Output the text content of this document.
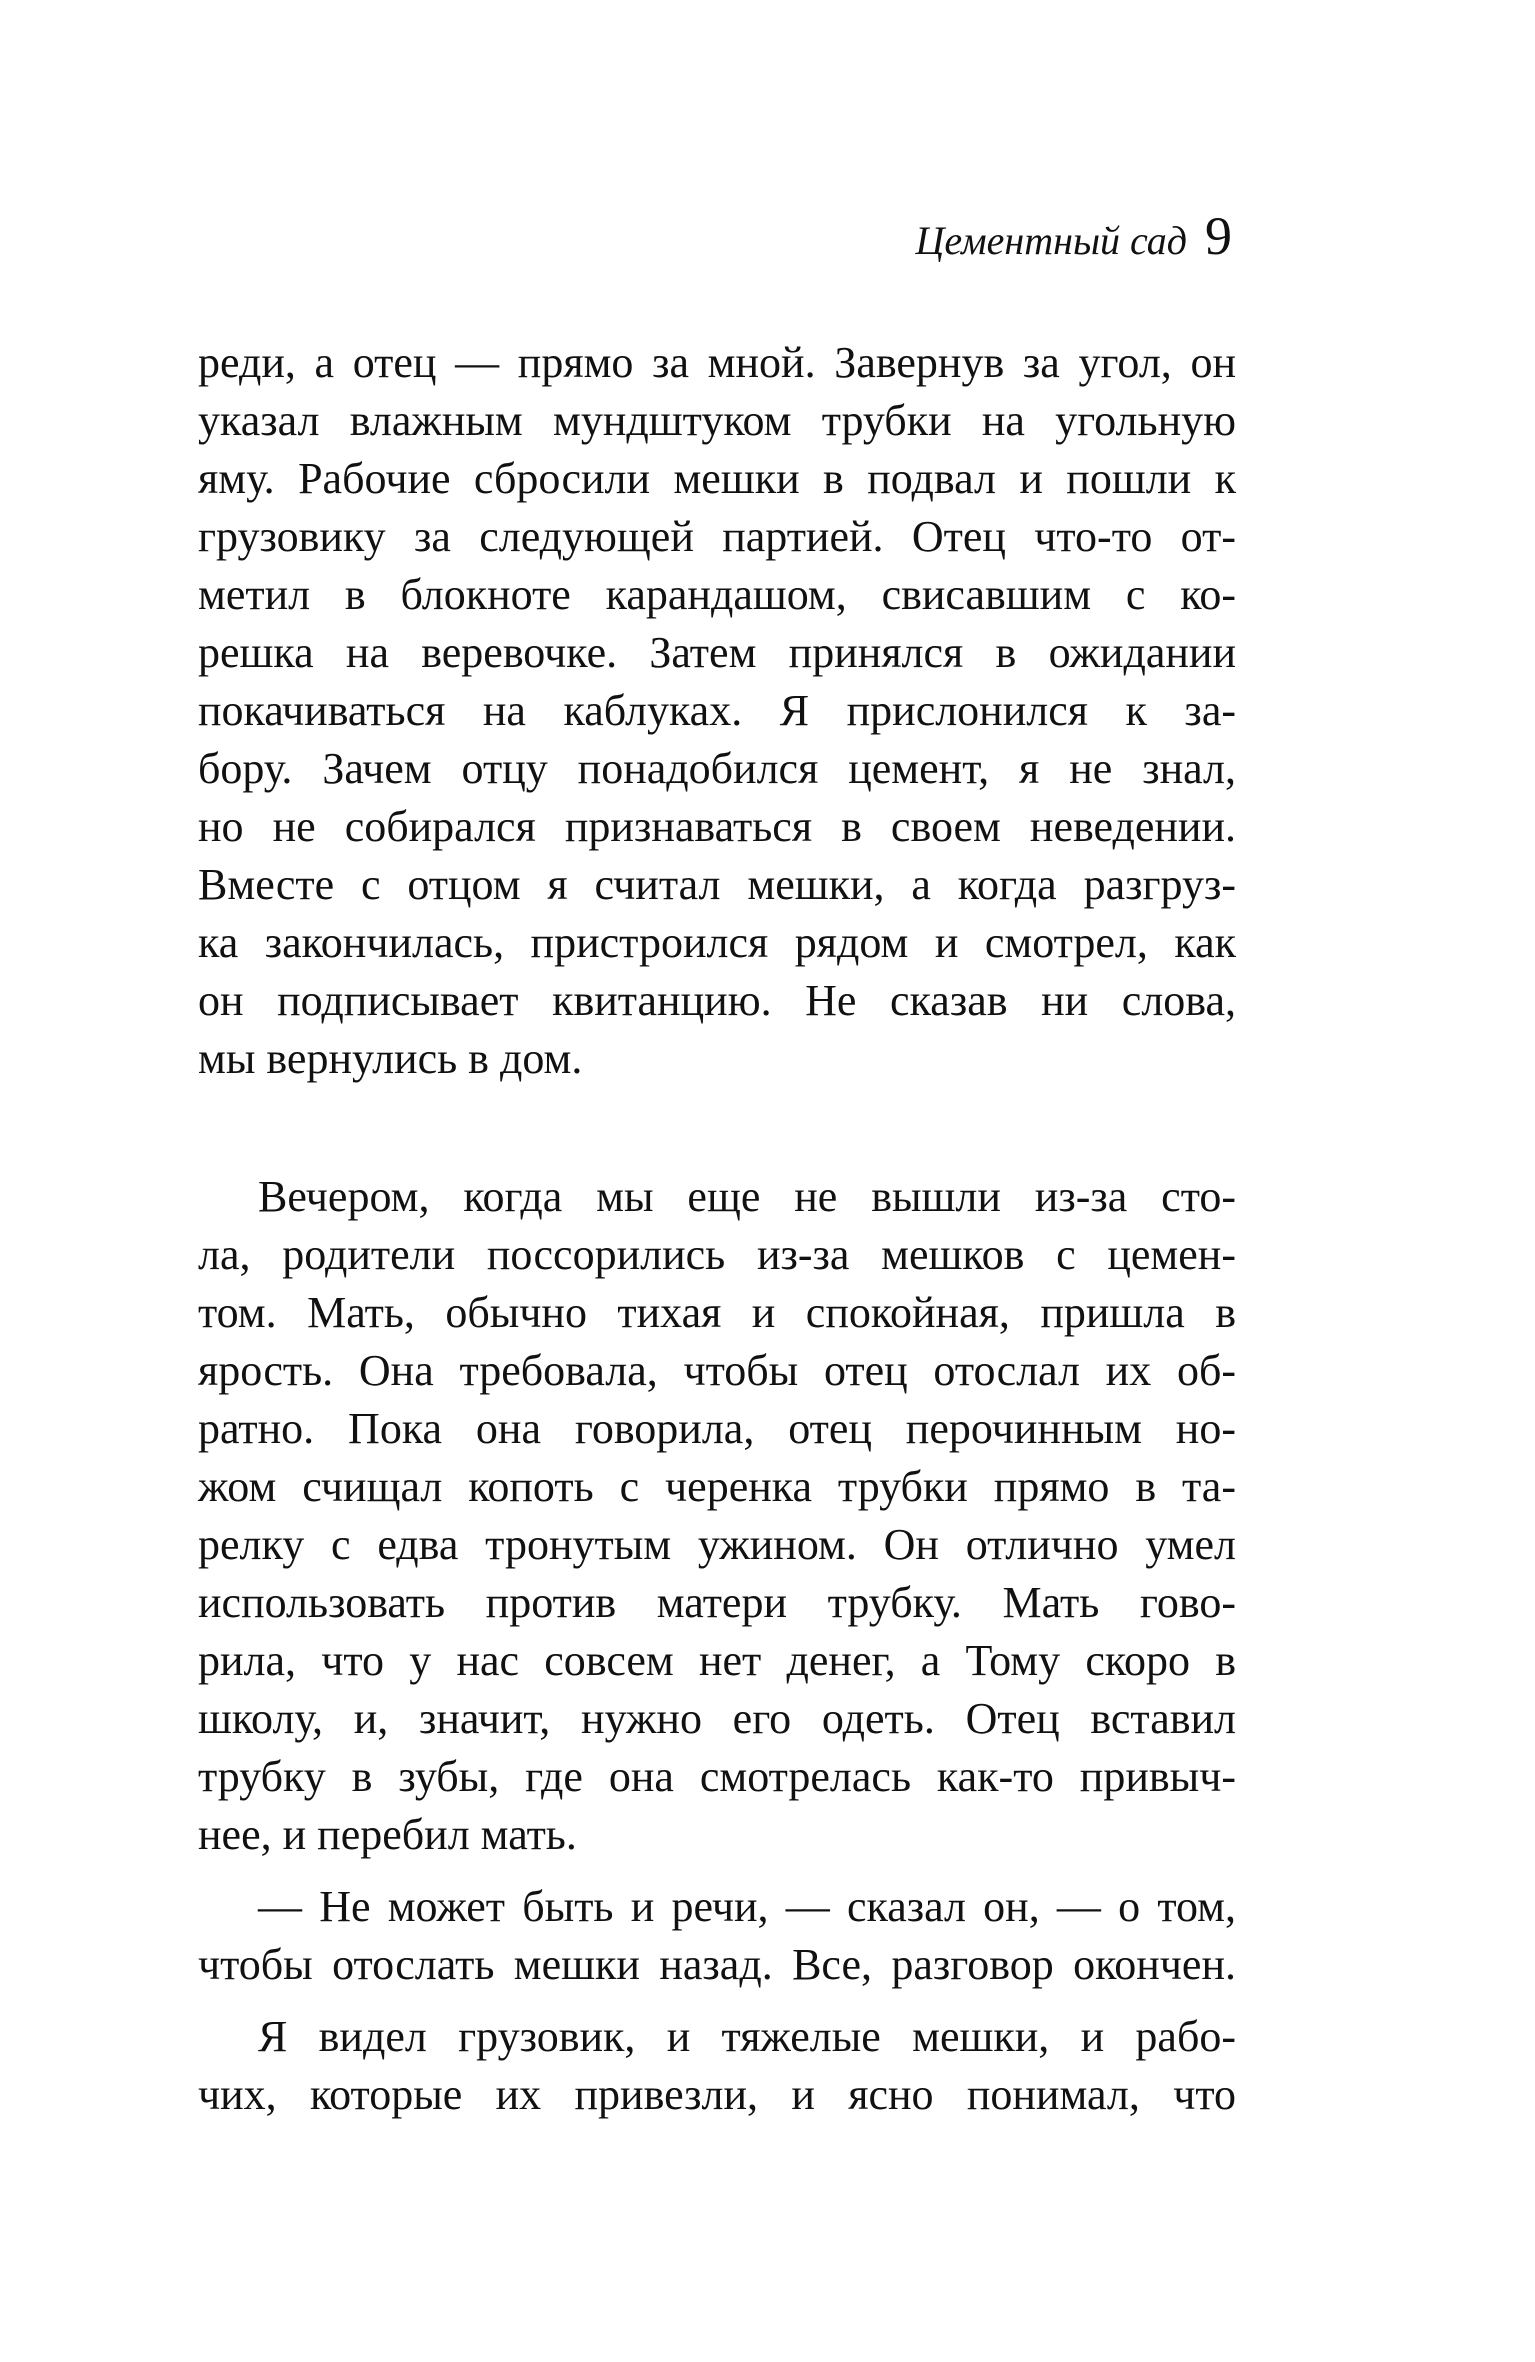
Цементный сад 9
реди, а отец — прямо за мной. Завернув за угол, он
указал влажным мундштуком трубки на угольную
яму. Рабочие сбросили мешки в подвал и пошли к
грузовику за следующей партией. Отец что-то от-
метил в блокноте карандашом, свисавшим с ко-
решка на веревочке. Затем принялся в ожидании
покачиваться на каблуках. Я прислонился к за-
бору. Зачем отцу понадобился цемент, я не знал,
но не собирался признаваться в своем неведении.
Вместе с отцом я считал мешки, а когда разгруз-
ка закончилась, пристроился рядом и смотрел, как
он подписывает квитанцию. Не сказав ни слова,
мы вернулись в дом.
Вечером, когда мы еще не вышли из-за сто-
ла, родители поссорились из-за мешков с цемен-
том. Мать, обычно тихая и спокойная, пришла в
ярость. Она требовала, чтобы отец отослал их об-
ратно. Пока она говорила, отец перочинным но-
жом счищал копоть с черенка трубки прямо в та-
релку с едва тронутым ужином. Он отлично умел
использовать против матери трубку. Мать гово-
рила, что у нас совсем нет денег, а Тому скоро в
школу, и, значит, нужно его одеть. Отец вставил
трубку в зубы, где она смотрелась как-то привыч-
нее, и перебил мать.
— Не может быть и речи, — сказал он, — о том,
чтобы отослать мешки назад. Все, разговор окончен.
Я видел грузовик, и тяжелые мешки, и рабо-
чих, которые их привезли, и ясно понимал, что
